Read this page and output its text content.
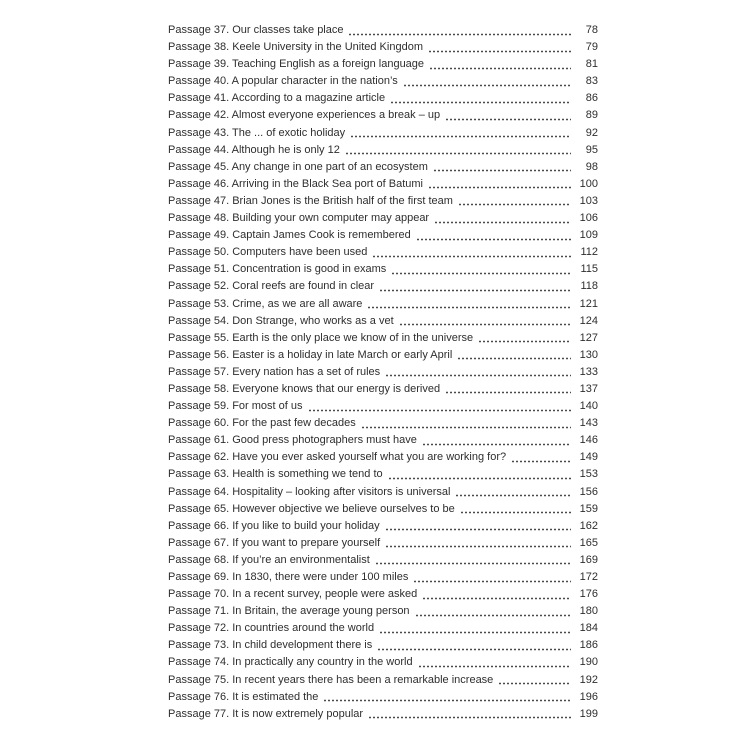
Passage 37. Our classes take place	78
Passage 38. Keele University in the United Kingdom	79
Passage 39. Teaching English as a foreign language	81
Passage 40. A popular character in the nation’s	83
Passage 41. According to a magazine article	86
Passage 42. Almost everyone experiences a break – up	89
Passage 43. The ... of exotic holiday	92
Passage 44. Although he is only 12	95
Passage 45. Any change in one part of an ecosystem	98
Passage 46. Arriving in the Black Sea port of Batumi	100
Passage 47. Brian Jones is the British half of the first team	103
Passage 48. Building your own computer may appear	106
Passage 49. Captain James Cook is remembered	109
Passage 50. Computers have been used	112
Passage 51. Concentration is good in exams	115
Passage 52. Coral reefs are found in clear	118
Passage 53. Crime, as we are all aware	121
Passage 54. Don Strange, who works as a vet	124
Passage 55. Earth is the only place we know of in the universe	127
Passage 56. Easter is a holiday in late March or early April	130
Passage 57. Every nation has a set of rules	133
Passage 58. Everyone knows that our energy is derived	137
Passage 59. For most of us	140
Passage 60. For the past few decades	143
Passage 61. Good press photographers must have	146
Passage 62. Have you ever asked yourself what you are working for?	149
Passage 63. Health is something we tend to	153
Passage 64. Hospitality – looking after visitors is universal	156
Passage 65. However objective we believe ourselves to be	159
Passage 66. If you like to build your holiday	162
Passage 67. If you want to prepare yourself	165
Passage 68. If you’re an environmentalist	169
Passage 69. In 1830, there were under 100 miles	172
Passage 70. In a recent survey, people were asked	176
Passage 71. In Britain, the average young person	180
Passage 72. In countries around the world	184
Passage 73. In child development there is	186
Passage 74. In practically any country in the world	190
Passage 75. In recent years there has been a remarkable increase	192
Passage 76. It is estimated the	196
Passage 77. It is now extremely popular	199
